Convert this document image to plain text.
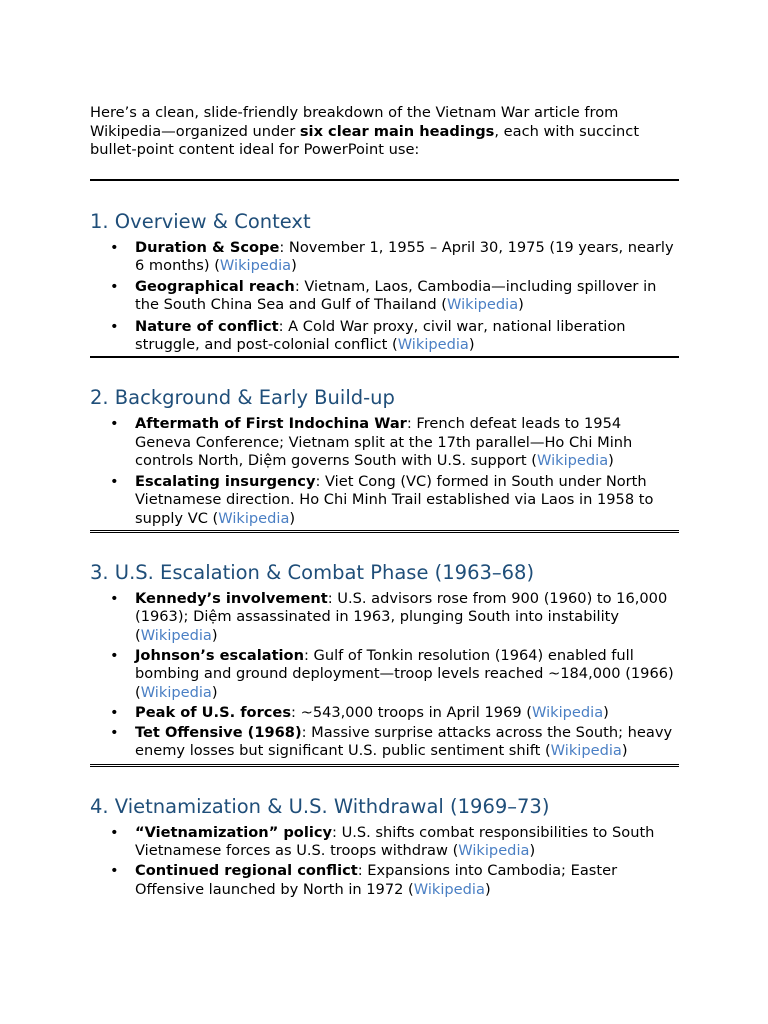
Here’s a clean, slide-friendly breakdown of the Vietnam War article from Wikipedia—organized under six clear main headings, each with succinct bullet-point content ideal for PowerPoint use:

1. Overview & Context
• Duration & Scope: November 1, 1955 – April 30, 1975 (19 years, nearly 6 months) (Wikipedia)
• Geographical reach: Vietnam, Laos, Cambodia—including spillover in the South China Sea and Gulf of Thailand (Wikipedia)
• Nature of conflict: A Cold War proxy, civil war, national liberation struggle, and post-colonial conflict (Wikipedia)
2. Background & Early Build-up
• Aftermath of First Indochina War: French defeat leads to 1954 Geneva Conference; Vietnam split at the 17th parallel—Ho Chi Minh controls North, Diệm governs South with U.S. support (Wikipedia)
• Escalating insurgency: Viet Cong (VC) formed in South under North Vietnamese direction. Ho Chi Minh Trail established via Laos in 1958 to supply VC (Wikipedia)
3. U.S. Escalation & Combat Phase (1963–68)
• Kennedy’s involvement: U.S. advisors rose from 900 (1960) to 16,000 (1963); Diệm assassinated in 1963, plunging South into instability (Wikipedia)
• Johnson’s escalation: Gulf of Tonkin resolution (1964) enabled full bombing and ground deployment—troop levels reached ~184,000 (1966) (Wikipedia)
• Peak of U.S. forces: ~543,000 troops in April 1969 (Wikipedia)
• Tet Offensive (1968): Massive surprise attacks across the South; heavy enemy losses but significant U.S. public sentiment shift (Wikipedia)
4. Vietnamization & U.S. Withdrawal (1969–73)
• “Vietnamization” policy: U.S. shifts combat responsibilities to South Vietnamese forces as U.S. troops withdraw (Wikipedia)
• Continued regional conflict: Expansions into Cambodia; Easter Offensive launched by North in 1972 (Wikipedia)
